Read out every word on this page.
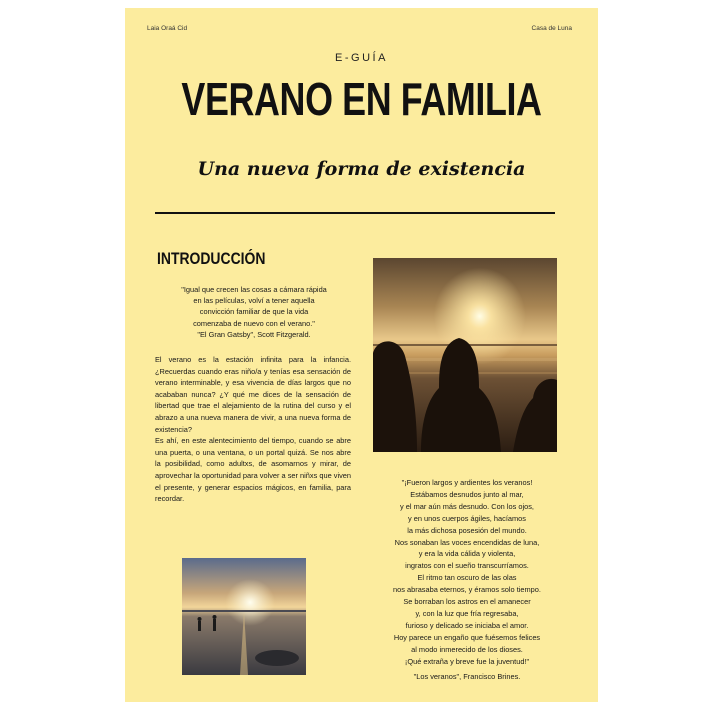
Laia Oraá Cid	Casa de Luna
E-GUÍA
VERANO EN FAMILIA
Una nueva forma de existencia
INTRODUCCIÓN
"Igual que crecen las cosas a cámara rápida
en las películas, volví a tener aquella
convicción familiar de que la vida
comenzaba de nuevo con el verano."
"El Gran Gatsby", Scott Fitzgerald.

El verano es la estación infinita para la infancia. ¿Recuerdas cuando eras niño/a y tenías esa sensación de verano interminable, y esa vivencia de días largos que no acababan nunca? ¿Y qué me dices de la sensación de libertad que trae el alejamiento de la rutina del curso y el abrazo a una nueva manera de vivir, a una nueva forma de existencia?

Es ahí, en este alentecimiento del tiempo, cuando se abre una puerta, o una ventana, o un portal quizá. Se nos abre la posibilidad, como adultxs, de asomarnos y mirar, de aprovechar la oportunidad para volver a ser niñxs que viven el presente, y generar espacios mágicos, en familia, para recordar.

"¡Fueron largos y ardientes los veranos!
Estábamos desnudos junto al mar,
y el mar aún más desnudo. Con los ojos,
y en unos cuerpos ágiles, hacíamos
la más dichosa posesión del mundo.
Nos sonaban las voces encendidas de luna,
y era la vida cálida y violenta,
ingratos con el sueño transcurríamos.
El ritmo tan oscuro de las olas
nos abrasaba eternos, y éramos solo tiempo.
Se borraban los astros en el amanecer
y, con la luz que fría regresaba,
furioso y delicado se iniciaba el amor.
Hoy parece un engaño que fuésemos felices
al modo inmerecido de los dioses.
¡Qué extraña y breve fue la juventud!"
"Los veranos", Francisco Brines.
